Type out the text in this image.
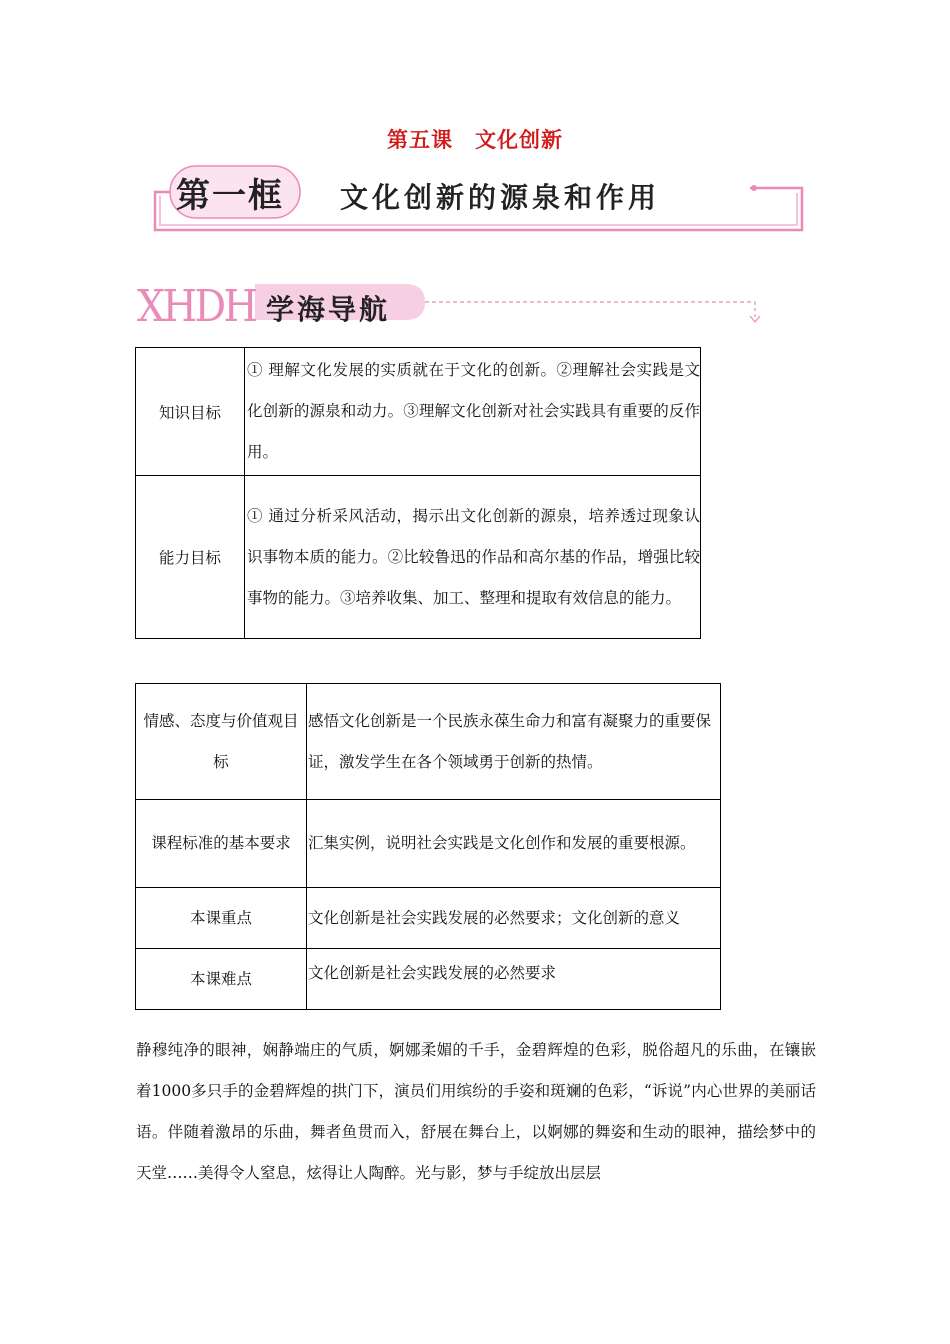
第五课　文化创新
第一框 文化创新的源泉和作用
XHDH 学海导航
知识目标	① 理解文化发展的实质就在于文化的创新。②理解社会实践是文化创新的源泉和动力。③理解文化创新对社会实践具有重要的反作用。
能力目标	① 通过分析采风活动，揭示出文化创新的源泉，培养透过现象认识事物本质的能力。②比较鲁迅的作品和高尔基的作品，增强比较事物的能力。③培养收集、加工、整理和提取有效信息的能力。
情感、态度与价值观目标	感悟文化创新是一个民族永葆生命力和富有凝聚力的重要保证，激发学生在各个领域勇于创新的热情。
课程标准的基本要求	汇集实例，说明社会实践是文化创作和发展的重要根源。
本课重点	文化创新是社会实践发展的必然要求；文化创新的意义
本课难点	文化创新是社会实践发展的必然要求
静穆纯净的眼神，娴静端庄的气质，婀娜柔媚的千手，金碧辉煌的色彩，脱俗超凡的乐曲，在镶嵌着1000多只手的金碧辉煌的拱门下，演员们用缤纷的手姿和斑斓的色彩，“诉说”内心世界的美丽话语。伴随着激昂的乐曲，舞者鱼贯而入，舒展在舞台上，以婀娜的舞姿和生动的眼神，描绘梦中的天堂……美得令人窒息，炫得让人陶醉。光与影，梦与手绽放出层层
